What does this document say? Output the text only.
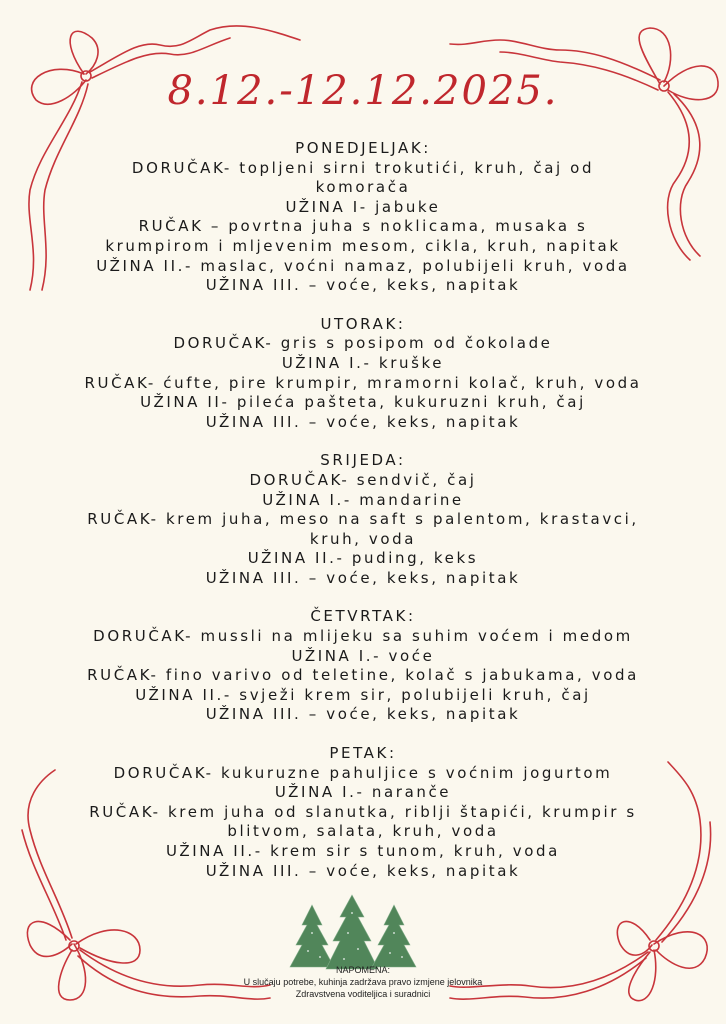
8.12.-12.12.2025.
PONEDJELJAK:
DORUČAK- topljeni sirni trokutići, kruh, čaj od
komorača
UŽINA I- jabuke
RUČAK – povrtna juha s noklicama, musaka s
krumpirom i mljevenim mesom, cikla, kruh, napitak
UŽINA II.- maslac, voćni namaz, polubijeli kruh, voda
UŽINA III. – voće, keks, napitak
UTORAK:
DORUČAK- gris s posipom od čokolade
UŽINA I.- kruške
RUČAK- ćufte, pire krumpir, mramorni kolač, kruh, voda
UŽINA II- pileća pašteta, kukuruzni kruh, čaj
UŽINA III. – voće, keks, napitak
SRIJEDA:
DORUČAK- sendvič, čaj
UŽINA I.- mandarine
RUČAK- krem juha, meso na saft s palentom, krastavci,
kruh, voda
UŽINA II.- puding, keks
UŽINA III. – voće, keks, napitak
ČETVRTAK:
DORUČAK- mussli na mlijeku sa suhim voćem i medom
UŽINA I.- voće
RUČAK- fino varivo od teletine, kolač s jabukama, voda
UŽINA II.- svježi krem sir, polubijeli kruh, čaj
UŽINA III. – voće, keks, napitak
PETAK:
DORUČAK- kukuruzne pahuljice s voćnim jogurtom
UŽINA I.- naranče
RUČAK- krem juha od slanutka, riblji štapići, krumpir s
blitvom, salata, kruh, voda
UŽINA II.- krem sir s tunom, kruh, voda
UŽINA III. – voće, keks, napitak
NAPOMENA:
U slučaju potrebe, kuhinja zadržava pravo izmjene jelovnika
Zdravstvena voditeljica i suradnici
